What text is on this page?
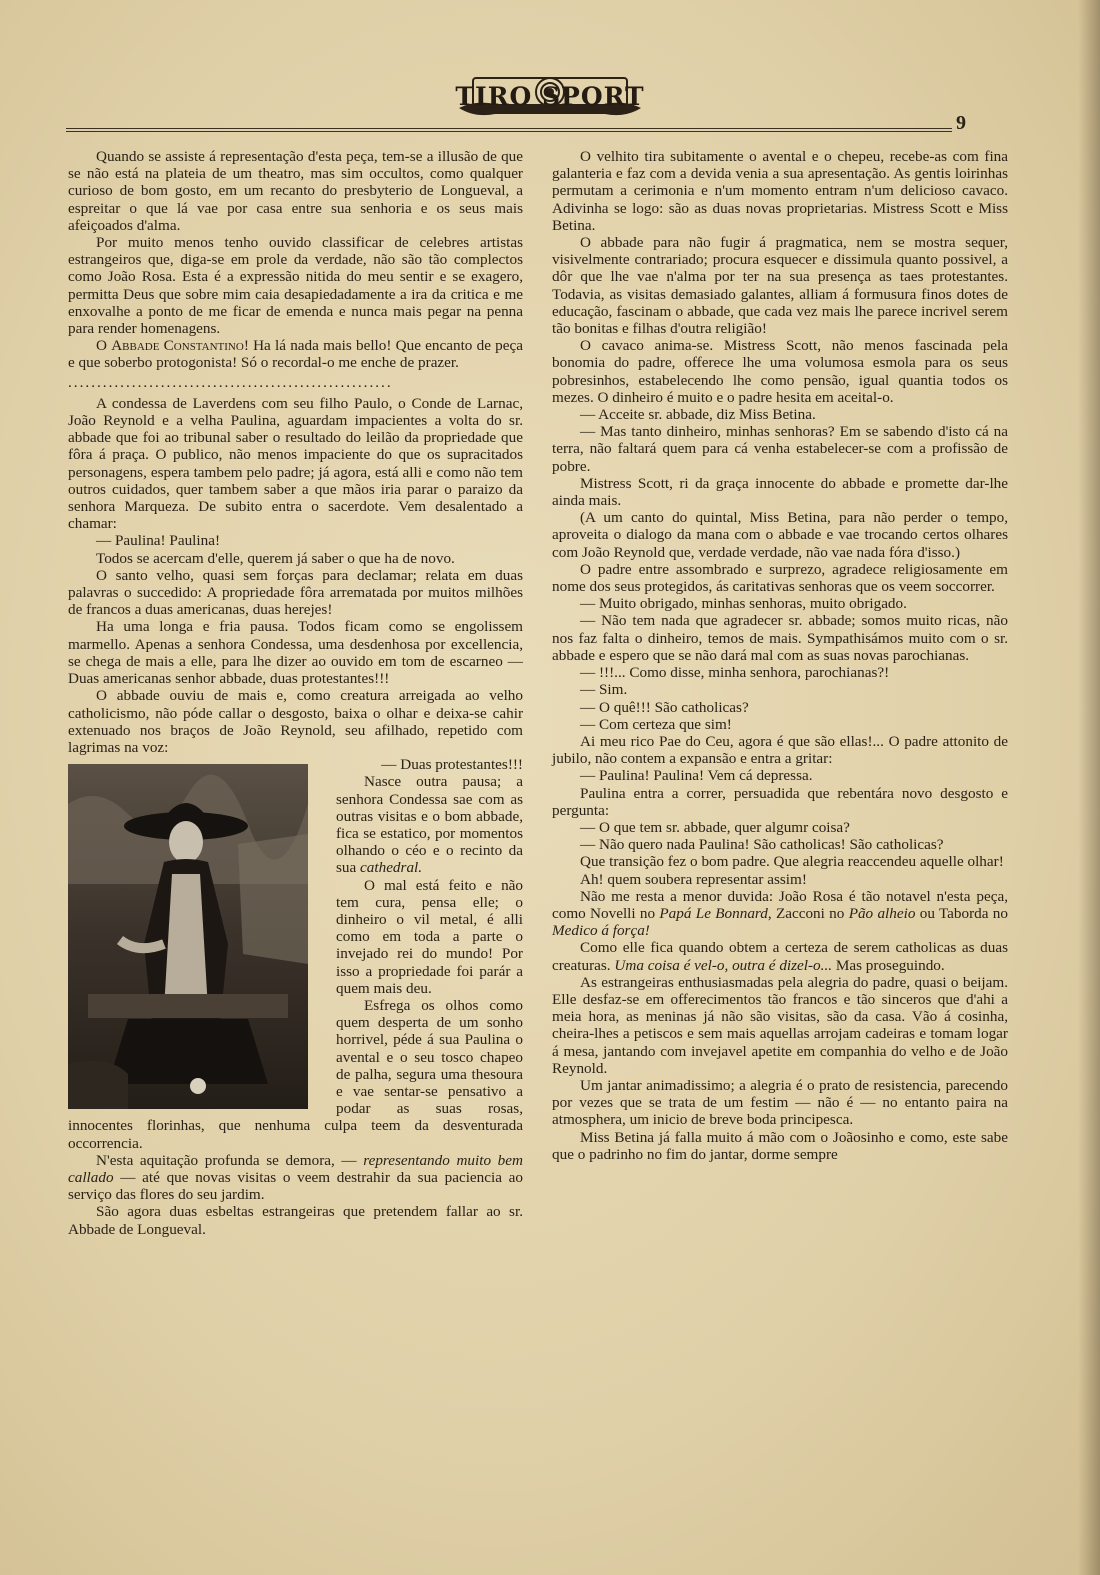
TIRO SPORT
9

Quando se assiste á representação d'esta peça, tem-se a illusão de que se não está na plateia de um theatro, mas sim occultos, como qualquer curioso de bom gosto, em um recanto do presbyterio de Longueval, a espreitar o que lá vae por casa entre sua senhoria e os seus mais afeiçoados d'alma.

Por muito menos tenho ouvido classificar de celebres artistas estrangeiros que, diga-se em prole da verdade, não são tão complectos como João Rosa. Esta é a expressão nitida do meu sentir e se exagero, permitta Deus que sobre mim caia desapiedadamente a ira da critica e me enxovalhe a ponto de me ficar de emenda e nunca mais pegar na penna para render homenagens.

O Abbade Constantino! Ha lá nada mais bello! Que encanto de peça e que soberbo protogonista! Só o recordal-o me enche de prazer.

........................................................

A condessa de Laverdens com seu filho Paulo, o Conde de Larnac, João Reynold e a velha Paulina, aguardam impacientes a volta do sr. abbade que foi ao tribunal saber o resultado do leilão da propriedade que fôra á praça. O publico, não menos impaciente do que os supracitados personagens, espera tambem pelo padre; já agora, está alli e como não tem outros cuidados, quer tambem saber a que mãos iria parar o paraizo da senhora Marqueza. De subito entra o sacerdote. Vem desalentado a chamar:

— Paulina! Paulina!

Todos se acercam d'elle, querem já saber o que ha de novo.

O santo velho, quasi sem forças para declamar; relata em duas palavras o succedido: A propriedade fôra arrematada por muitos milhões de francos a duas americanas, duas herejes!

Ha uma longa e fria pausa. Todos ficam como se engolissem marmello. Apenas a senhora Condessa, uma desdenhosa por excellencia, se chega de mais a elle, para lhe dizer ao ouvido em tom de escarneo — Duas americanas senhor abbade, duas protestantes!!!

O abbade ouviu de mais e, como creatura arreigada ao velho catholicismo, não póde callar o desgosto, baixa o olhar e deixa-se cahir extenuado nos braços de João Reynold, seu afilhado, repetido com lagrimas na voz:

— Duas protestantes!!!

Nasce outra pausa; a senhora Condessa sae com as outras visitas e o bom abbade, fica se estatico, por momentos olhando o céo e o recinto da sua cathedral.

O mal está feito e não tem cura, pensa elle; o dinheiro o vil metal, é alli como em toda a parte o invejado rei do mundo! Por isso a propriedade foi parár a quem mais deu.

Esfrega os olhos como quem desperta de um sonho horrivel, péde á sua Paulina o avental e o seu tosco chapeo de palha, segura uma thesoura e vae sentar-se pensativo a podar as suas rosas, innocentes florinhas, que nenhuma culpa teem da desventurada occorrencia.

N'esta aquitação profunda se demora, — representando muito bem callado — até que novas visitas o veem destrahir da sua paciencia ao serviço das flores do seu jardim.

São agora duas esbeltas estrangeiras que pretendem fallar ao sr. Abbade de Longueval.

O velhito tira subitamente o avental e o chepeu, recebe-as com fina galanteria e faz com a devida venia a sua apresentação. As gentis loirinhas permutam a cerimonia e n'um momento entram n'um delicioso cavaco. Adivinha se logo: são as duas novas proprietarias. Mistress Scott e Miss Betina.

O abbade para não fugir á pragmatica, nem se mostra sequer, visivelmente contrariado; procura esquecer e dissimula quanto possivel, a dôr que lhe vae n'alma por ter na sua presença as taes protestantes. Todavia, as visitas demasiado galantes, alliam á formusura finos dotes de educação, fascinam o abbade, que cada vez mais lhe parece incrivel serem tão bonitas e filhas d'outra religião!

O cavaco anima-se. Mistress Scott, não menos fascinada pela bonomia do padre, offerece lhe uma volumosa esmola para os seus pobresinhos, estabelecendo lhe como pensão, igual quantia todos os mezes. O dinheiro é muito e o padre hesita em aceital-o.

— Acceite sr. abbade, diz Miss Betina.

— Mas tanto dinheiro, minhas senhoras? Em se sabendo d'isto cá na terra, não faltará quem para cá venha estabelecer-se com a profissão de pobre.

Mistress Scott, ri da graça innocente do abbade e promette dar-lhe ainda mais.

(A um canto do quintal, Miss Betina, para não perder o tempo, aproveita o dialogo da mana com o abbade e vae trocando certos olhares com João Reynold que, verdade verdade, não vae nada fóra d'isso.)

O padre entre assombrado e surprezo, agradece religiosamente em nome dos seus protegidos, ás caritativas senhoras que os veem soccorrer.

— Muito obrigado, minhas senhoras, muito obrigado.

— Não tem nada que agradecer sr. abbade; somos muito ricas, não nos faz falta o dinheiro, temos de mais. Sympathisámos muito com o sr. abbade e espero que se não dará mal com as suas novas parochianas.

— !!!... Como disse, minha senhora, parochianas?!

— Sim.

— O quê!!! São catholicas?

— Com certeza que sim!

Ai meu rico Pae do Ceu, agora é que são ellas!... O padre attonito de jubilo, não contem a expansão e entra a gritar:

— Paulina! Paulina! Vem cá depressa.

Paulina entra a correr, persuadida que rebentára novo desgosto e pergunta:

— O que tem sr. abbade, quer algumr coisa?

— Não quero nada Paulina! São catholicas! São catholicas?

Que transição fez o bom padre. Que alegria reaccendeu aquelle olhar!

Ah! quem soubera representar assim!

Não me resta a menor duvida: João Rosa é tão notavel n'esta peça, como Novelli no Papá Le Bonnard, Zacconi no Pão alheio ou Taborda no Medico á força!

Como elle fica quando obtem a certeza de serem catholicas as duas creaturas. Uma coisa é vel-o, outra é dizel-o... Mas proseguindo.

As estrangeiras enthusiasmadas pela alegria do padre, quasi o beijam. Elle desfaz-se em offerecimentos tão francos e tão sinceros que d'ahi a meia hora, as meninas já não são visitas, são da casa. Vão á cosinha, cheira-lhes a petiscos e sem mais aquellas arrojam cadeiras e tomam logar á mesa, jantando com invejavel apetite em companhia do velho e de João Reynold.

Um jantar animadissimo; a alegria é o prato de resistencia, parecendo por vezes que se trata de um festim — não é — no entanto paira na atmosphera, um inicio de breve boda principesca.

Miss Betina já falla muito á mão com o Joãosinho e como, este sabe que o padrinho no fim do jantar, dorme sempre
